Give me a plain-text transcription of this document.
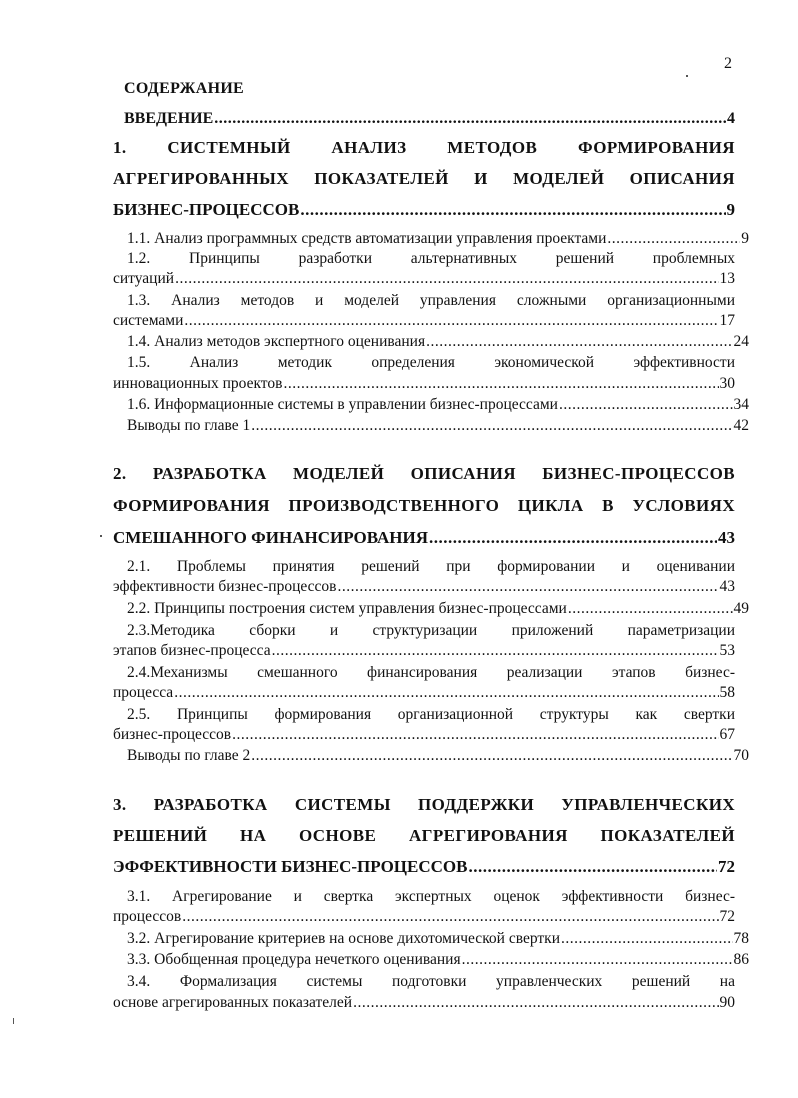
2
СОДЕРЖАНИЕ
ВВЕДЕНИЕ .....	4
1. СИСТЕМНЫЙ АНАЛИЗ МЕТОДОВ ФОРМИРОВАНИЯ
АГРЕГИРОВАННЫХ ПОКАЗАТЕЛЕЙ И МОДЕЛЕЙ ОПИСАНИЯ
БИЗНЕС-ПРОЦЕССОВ .....	9
1.1. Анализ программных средств автоматизации управления проектами .....	9
1.2. Принципы разработки альтернативных решений проблемных
ситуаций .....	13
1.3. Анализ методов и моделей управления сложными организационными
системами .....	17
1.4. Анализ методов экспертного оценивания .....	24
1.5. Анализ методик определения экономической эффективности
инновационных проектов .....	30
1.6. Информационные системы в управлении бизнес-процессами .....	34
Выводы по главе 1 .....	42
2. РАЗРАБОТКА МОДЕЛЕЙ ОПИСАНИЯ БИЗНЕС-ПРОЦЕССОВ
ФОРМИРОВАНИЯ ПРОИЗВОДСТВЕННОГО ЦИКЛА В УСЛОВИЯХ
СМЕШАННОГО ФИНАНСИРОВАНИЯ .....	43
2.1. Проблемы принятия решений при формировании и оценивании
эффективности бизнес-процессов .....	43
2.2. Принципы построения систем управления бизнес-процессами .....	49
2.3.Методика сборки и структуризации приложений параметризации
этапов бизнес-процесса .....	53
2.4.Механизмы смешанного финансирования реализации этапов бизнес-
процесса .....	58
2.5. Принципы формирования организационной структуры как свертки
бизнес-процессов .....	67
Выводы по главе 2 .....	70
3. РАЗРАБОТКА СИСТЕМЫ ПОДДЕРЖКИ УПРАВЛЕНЧЕСКИХ
РЕШЕНИЙ НА ОСНОВЕ АГРЕГИРОВАНИЯ ПОКАЗАТЕЛЕЙ
ЭФФЕКТИВНОСТИ БИЗНЕС-ПРОЦЕССОВ .....	72
3.1. Агрегирование и свертка экспертных оценок эффективности бизнес-
процессов .....	72
3.2. Агрегирование критериев на основе дихотомической свертки .....	78
3.3. Обобщенная процедура нечеткого оценивания .....	86
3.4. Формализация системы подготовки управленческих решений на
основе агрегированных показателей .....	90
